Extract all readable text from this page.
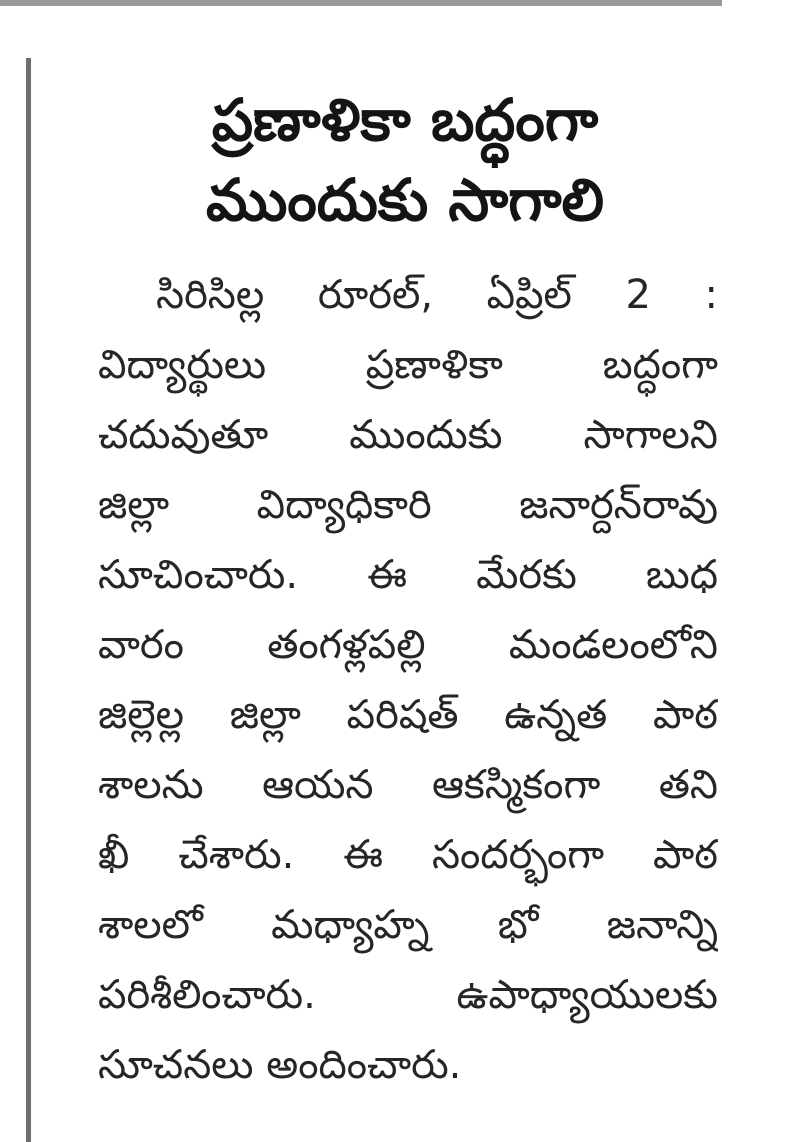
ప్రణాళికా బద్ధంగా
ముందుకు సాగాలి
సిరిసిల్ల రూరల్, ఏప్రిల్ 2 :
విద్యార్థులు ప్రణాళికా బద్ధంగా
చదువుతూ ముందుకు సాగాలని
జిల్లా విద్యాధికారి జనార్దన్‌రావు
సూచించారు. ఈ మేరకు బుధ
వారం తంగళ్లపల్లి మండలంలోని
జిల్లెల్ల జిల్లా పరిషత్ ఉన్నత పాఠ
శాలను ఆయన ఆకస్మికంగా తని
ఖీ చేశారు. ఈ సందర్భంగా పాఠ
శాలలో మధ్యాహ్న భో జనాన్ని
పరిశీలించారు. ఉపాధ్యాయులకు
సూచనలు అందించారు.
